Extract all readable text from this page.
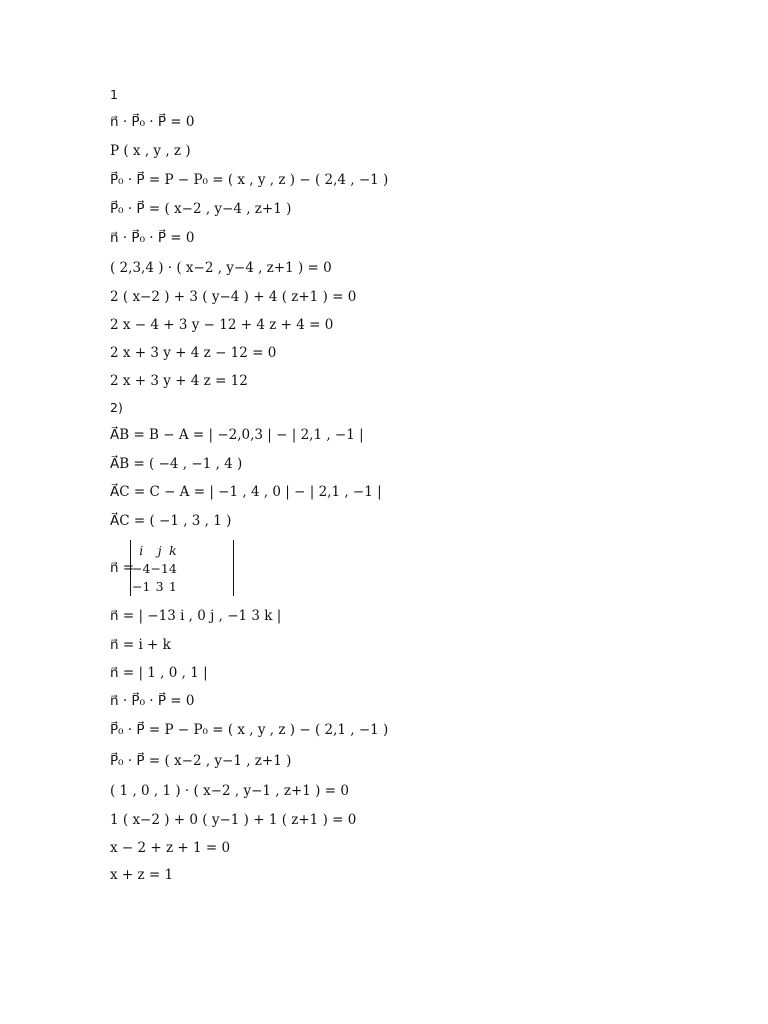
1
n⃗ · P⃗₀ · P⃗ = 0
P ( x , y , z )
P⃗₀ · P⃗ = P − P₀ = ( x , y , z ) − ( 2,4 , −1 )
P⃗₀ · P⃗ = ( x−2 , y−4 , z+1 )
n⃗ · P⃗₀ · P⃗ = 0
( 2,3,4 ) · ( x−2 , y−4 , z+1 ) = 0
2 ( x−2 ) + 3 ( y−4 ) + 4 ( z+1 ) = 0
2 x − 4 + 3 y − 12 + 4 z + 4 = 0
2 x + 3 y + 4 z − 12 = 0
2 x + 3 y + 4 z = 12
2)
A⃗B = B − A = | −2,0,3 | − | 2,1 , −1 |
A⃗B = ( −4 , −1 , 4 )
A⃗C = C − A = | −1 , 4 , 0 | − | 2,1 , −1 |
A⃗C = ( −1 , 3 , 1 )
n⃗ =
i	j	k
−4	−1	4
−1	3	1
n⃗ = | −13 i , 0 j , −1 3 k |
n⃗ = i + k
n⃗ = | 1 , 0 , 1 |
n⃗ · P⃗₀ · P⃗ = 0
P⃗₀ · P⃗ = P − P₀ = ( x , y , z ) − ( 2,1 , −1 )
P⃗₀ · P⃗ = ( x−2 , y−1 , z+1 )
( 1 , 0 , 1 ) · ( x−2 , y−1 , z+1 ) = 0
1 ( x−2 ) + 0 ( y−1 ) + 1 ( z+1 ) = 0
x − 2 + z + 1 = 0
x + z = 1
